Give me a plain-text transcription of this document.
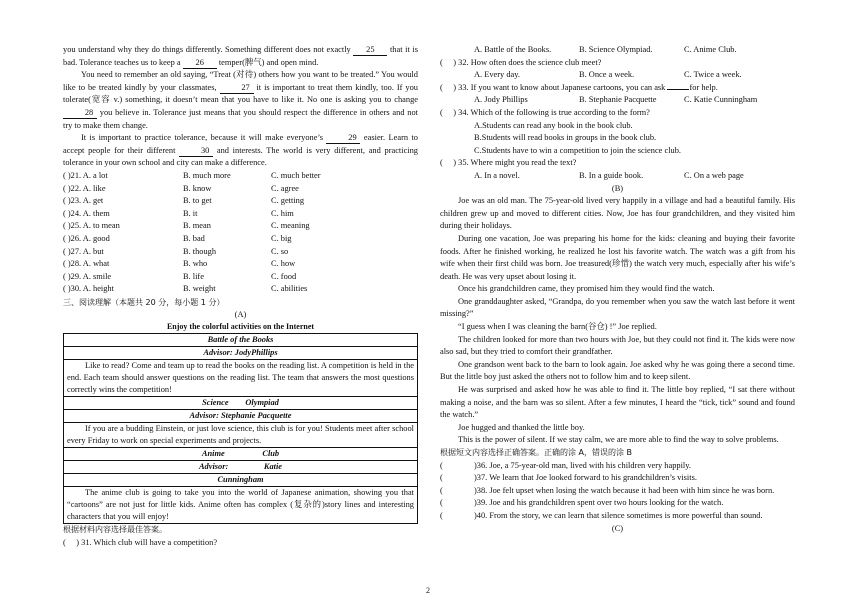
you understand why they do things differently. Something different does not exactly 25 that it is bad. Tolerance teaches us to keep a 26 temper(脾气) and open mind.

You need to remember an old saying, “Treat (对待) others how you want to be treated.” You would like to be treated kindly by your classmates,	27 it is important to treat them kindly, too. If you tolerate(宽容 v.) something, it doesn’t mean that you have to like it. No one is asking you to change 28 you believe in. Tolerance just means that you should respect the difference in others and not try to make them change.

It is important to practice tolerance, because it will make everyone’s	29 easier. Learn to accept people for their different	30 and interests. The world is very different, and practicing tolerance in your own school and city can make a difference.

( )21. A. a lot	B. much more	C. much better
( )22. A. like	B. know	C. agree
( )23. A. get	B. to get	C. getting
( )24. A. them	B. it	C. him
( )25. A. to mean	B. mean	C. meaning
( )26. A. good	B. bad	C. big
( )27. A. but	B. though	C. so
( )28. A. what	B. who	C. how
( )29. A. smile	B. life	C. food
( )30. A. height	B. weight	C. abilities
三、阅读理解（本题共 20 分，每小题 1 分）
(A)
Enjoy the colorful activities on the Internet
Battle of the Books
Advisor: JodyPhillips

Like to read? Come and team up to read the books on the reading list. A competition is held in the end. Each team should answer questions on the reading list. The team that answers the most questions correctly wins the competition!

Science        Olympiad
Advisor: Stephanie Pacquette

If you are a budding Einstein, or just love science, this club is for you! Students meet after school every Friday to work on special experiments and projects.

Anime                  Club
Advisor:                 Katie
Cunningham

The anime club is going to take you into the world of Japanese animation, showing you that “cartoons” are not just for little kids. Anime often has complex (复杂的)story lines and interesting characters that you will enjoy!

根据材料内容选择最佳答案。
(     ) 31. Which club will have a competition?
A. Battle of the Books.	B. Science Olympiad.	C. Anime Club.
(     ) 32. How often does the science club meet?
A. Every day.	B. Once a week.	C. Twice a week.
(     ) 33. If you want to know about Japanese cartoons, you can ask	for help.
A. Jody Phillips	B. Stephanie Pacquette	C. Katie Cunningham
(     ) 34. Which of the following is true according to the form?
A.Students can read any book in the book club.
B.Students will read books in groups in the book club.
C.Students have to win a competition to join the science club.
(     ) 35. Where might you read the text?
A. In a novel.	B. In a guide book.	C. On a web page
(B)

Joe was an old man. The 75-year-old lived very happily in a village and had a beautiful family. His children grew up and moved to different cities. Now, Joe has four grandchildren, and they visited him during their holidays.

During one vacation, Joe was preparing his home for the kids: cleaning and buying their favorite foods. After he finished working, he realized he lost his favorite watch. The watch was a gift from his wife when their first child was born. Joe treasured(珍惜) the watch very much, especially after his wife’s death. He was very upset about losing it.

Once his grandchildren came, they promised him they would find the watch.

One granddaughter asked, “Grandpa, do you remember when you saw the watch last before it went missing?”

“I guess when I was cleaning the barn(谷仓) !” Joe replied.

The children looked for more than two hours with Joe, but they could not find it. The kids were now also sad, but they tried to comfort their grandfather.

One grandson went back to the barn to look again. Joe asked why he was going there a second time. But the little boy just asked the others not to follow him and to keep silent.

He was surprised and asked how he was able to find it. The little boy replied, “I sat there without making a noise, and the barn was so silent. After a few minutes, I heard the “tick, tick” sound and found the watch.”

Joe hugged and thanked the little boy.

This is the power of silent. If we stay calm, we are more able to find the way to solve problems.

根据短文内容选择正确答案。正确的涂 A，错误的涂 B
(	)36. Joe, a 75-year-old man, lived with his children very happily.
(	)37. We learn that Joe looked forward to his grandchildren’s visits.
(	)38. Joe felt upset when losing the watch because it had been with him since he was born.
(	)39. Joe and his grandchildren spent over two hours looking for the watch.
(	)40. From the story, we can learn that silence sometimes is more powerful than sound.
(C)
2
